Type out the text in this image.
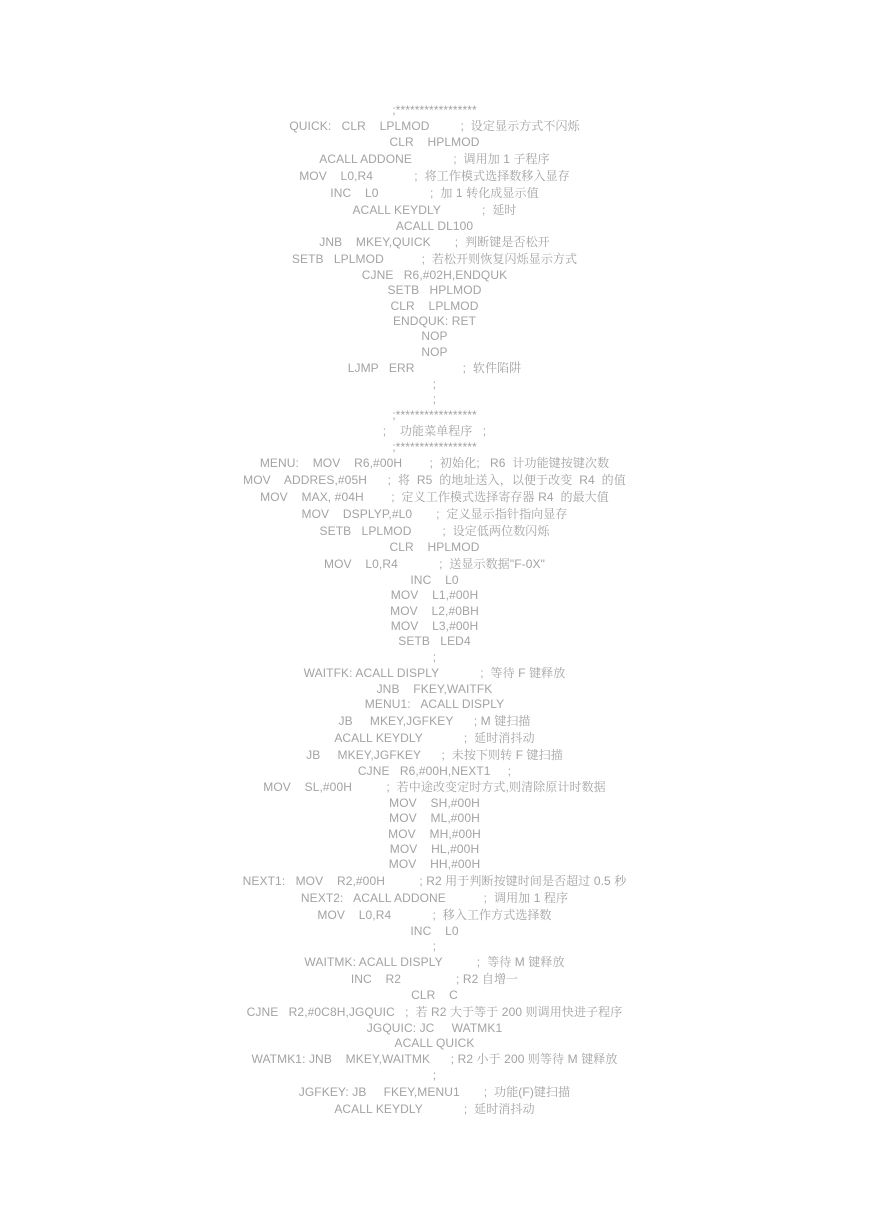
;*****************
QUICK:   CLR    LPLMOD         ;  设定显示方式不闪烁
CLR    HPLMOD
ACALL ADDONE            ;  调用加 1 子程序
MOV    L0,R4            ;  将工作模式选择数移入显存
INC    L0               ;  加 1 转化成显示值
ACALL KEYDLY            ;  延时
ACALL DL100
JNB    MKEY,QUICK       ;  判断键是否松开
SETB   LPLMOD           ;  若松开则恢复闪烁显示方式
CJNE   R6,#02H,ENDQUK
SETB   HPLMOD
CLR    LPLMOD
ENDQUK: RET
NOP
NOP
LJMP   ERR              ;  软件陷阱
;
;
;*****************
;    功能菜单程序   ;
;*****************
MENU:    MOV    R6,#00H        ;  初始化;   R6  计功能键按键次数
MOV    ADDRES,#05H      ;  将  R5  的地址送入，以便于改变  R4  的值
MOV    MAX, #04H        ;  定义工作模式选择寄存器 R4  的最大值
MOV    DSPLYP,#L0       ;  定义显示指针指向显存
SETB   LPLMOD         ;  设定低两位数闪烁
CLR    HPLMOD
MOV    L0,R4            ;  送显示数据"F-0X"
INC    L0
MOV    L1,#00H
MOV    L2,#0BH
MOV    L3,#00H
SETB   LED4
;
WAITFK: ACALL DISPLY            ;  等待 F 键释放
JNB    FKEY,WAITFK
MENU1:   ACALL DISPLY
JB     MKEY,JGFKEY      ; M 键扫描
ACALL KEYDLY            ;  延时消抖动
JB     MKEY,JGFKEY      ;  未按下则转 F 键扫描
CJNE   R6,#00H,NEXT1     ;
MOV    SL,#00H          ;  若中途改变定时方式,则清除原计时数据
MOV    SH,#00H
MOV    ML,#00H
MOV    MH,#00H
MOV    HL,#00H
MOV    HH,#00H
NEXT1:   MOV    R2,#00H          ; R2 用于判断按键时间是否超过 0.5 秒
NEXT2:   ACALL ADDONE           ;  调用加 1 程序
MOV    L0,R4            ;  移入工作方式选择数
INC    L0
;
WAITMK: ACALL DISPLY          ;  等待 M 键释放
INC    R2                ; R2 自增一
CLR    C
CJNE   R2,#0C8H,JGQUIC   ;  若 R2 大于等于 200 则调用快进子程序
JGQUIC: JC     WATMK1
ACALL QUICK
WATMK1: JNB    MKEY,WAITMK      ; R2 小于 200 则等待 M 键释放
;
JGFKEY: JB     FKEY,MENU1       ;  功能(F)键扫描
ACALL KEYDLY            ;  延时消抖动
